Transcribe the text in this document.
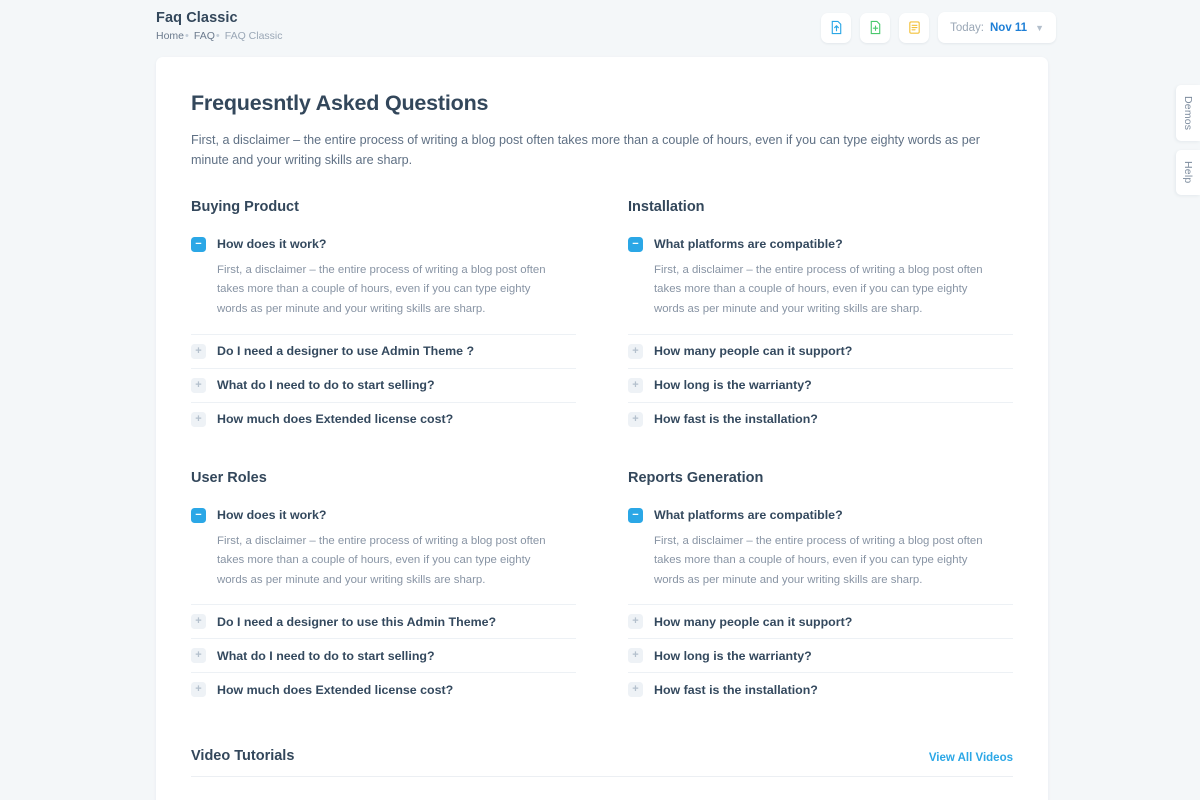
Faq Classic
Home • FAQ • FAQ Classic
Today: Nov 11 ▼
Frequesntly Asked Questions
First, a disclaimer – the entire process of writing a blog post often takes more than a couple of hours, even if you can type eighty words as per minute and your writing skills are sharp.
Buying Product
−	How does it work?
First, a disclaimer – the entire process of writing a blog post often takes more than a couple of hours, even if you can type eighty words as per minute and your writing skills are sharp.
+	Do I need a designer to use Admin Theme ?
+	What do I need to do to start selling?
+	How much does Extended license cost?
User Roles
−	How does it work?
First, a disclaimer – the entire process of writing a blog post often takes more than a couple of hours, even if you can type eighty words as per minute and your writing skills are sharp.
+	Do I need a designer to use this Admin Theme?
+	What do I need to do to start selling?
+	How much does Extended license cost?
Installation
−	What platforms are compatible?
First, a disclaimer – the entire process of writing a blog post often takes more than a couple of hours, even if you can type eighty words as per minute and your writing skills are sharp.
+	How many people can it support?
+	How long is the warrianty?
+	How fast is the installation?
Reports Generation
−	What platforms are compatible?
First, a disclaimer – the entire process of writing a blog post often takes more than a couple of hours, even if you can type eighty words as per minute and your writing skills are sharp.
+	How many people can it support?
+	How long is the warrianty?
+	How fast is the installation?
Video Tutorials	View All Videos
Demos
Help
